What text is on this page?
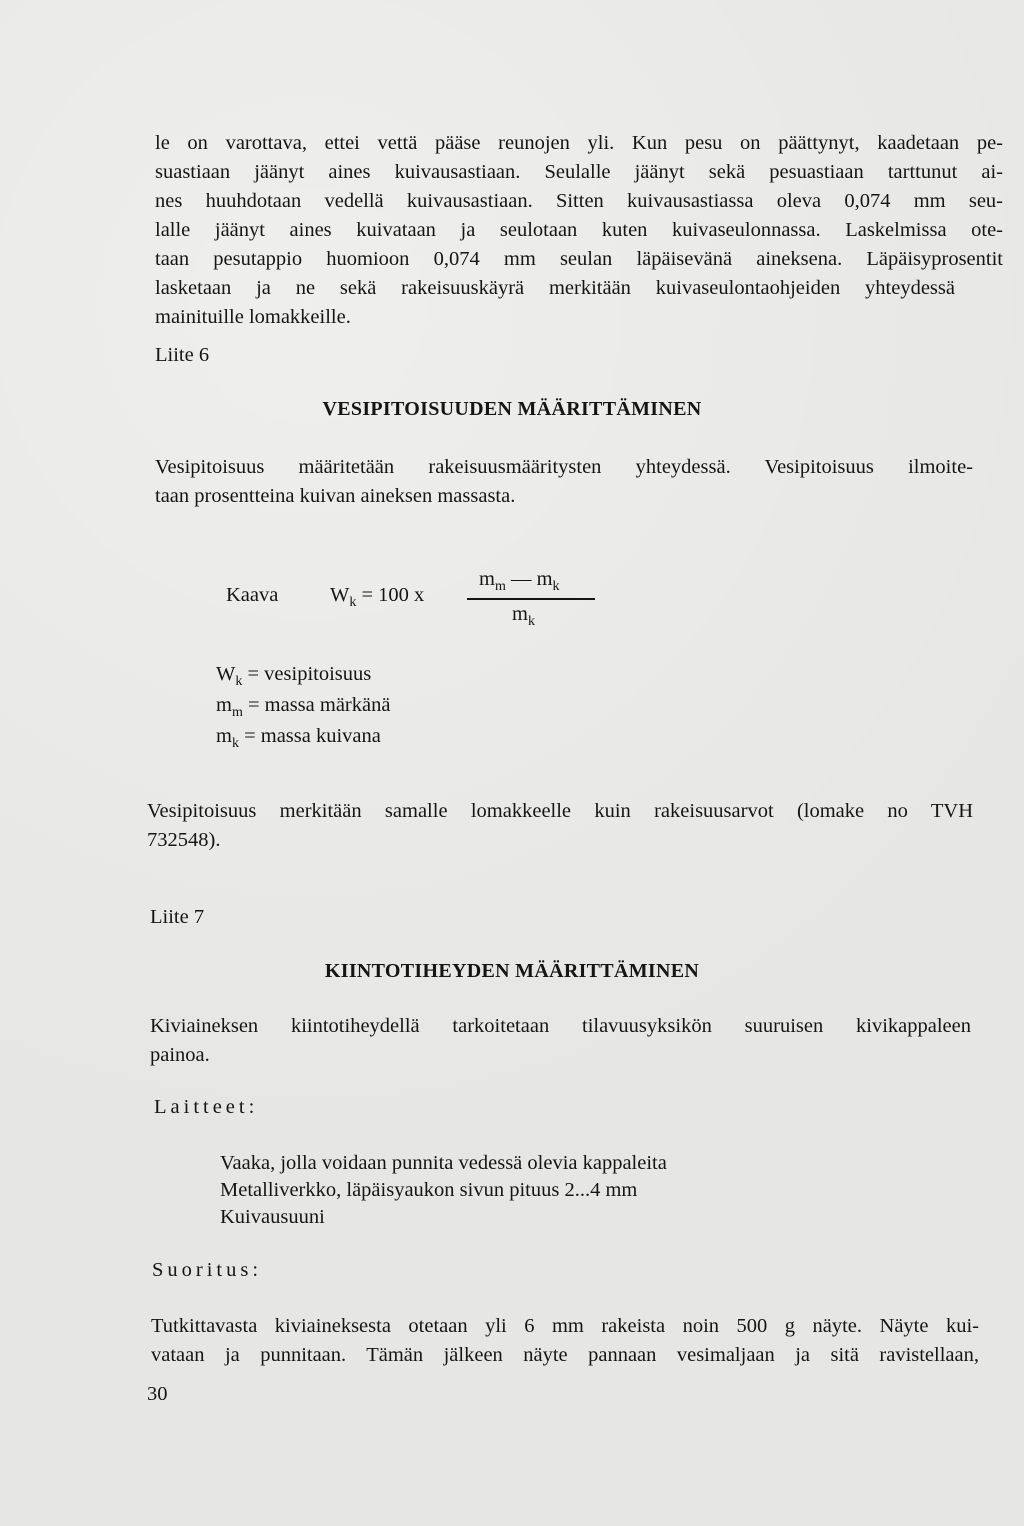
le on varottava, ettei vettä pääse reunojen yli. Kun pesu on päättynyt, kaadetaan pe-
suastiaan jäänyt aines kuivausastiaan. Seulalle jäänyt sekä pesuastiaan tarttunut ai-
nes huuhdotaan vedellä kuivausastiaan. Sitten kuivausastiassa oleva 0,074 mm seu-
lalle jäänyt aines kuivataan ja seulotaan kuten kuivaseulonnassa. Laskelmissa ote-
taan pesutappio huomioon 0,074 mm seulan läpäisevänä aineksena. Läpäisyprosentit
lasketaan ja ne sekä rakeisuuskäyrä merkitään kuivaseulontaohjeiden yhteydessä
mainituille lomakkeille.
Liite 6
VESIPITOISUUDEN MÄÄRITTÄMINEN
Vesipitoisuus määritetään rakeisuusmääritysten yhteydessä. Vesipitoisuus ilmoite-
taan prosentteina kuivan aineksen massasta.
Kaava	$W_k = 100$ x
$m_m$ — $m_k$
$m_k$
$W_k$ = vesipitoisuus
$m_m$ = massa märkänä
$m_k$ = massa kuivana
Vesipitoisuus merkitään samalle lomakkeelle kuin rakeisuusarvot (lomake no TVH
732548).
Liite 7
KIINTOTIHEYDEN MÄÄRITTÄMINEN
Kiviaineksen kiintotiheydellä tarkoitetaan tilavuusyksikön suuruisen kivikappaleen
painoa.
Laitteet:
Vaaka, jolla voidaan punnita vedessä olevia kappaleita
Metalliverkko, läpäisyaukon sivun pituus 2...4 mm
Kuivausuuni
Suoritus:
Tutkittavasta kiviaineksesta otetaan yli 6 mm rakeista noin 500 g näyte. Näyte kui-
vataan ja punnitaan. Tämän jälkeen näyte pannaan vesimaljaan ja sitä ravistellaan,
30
